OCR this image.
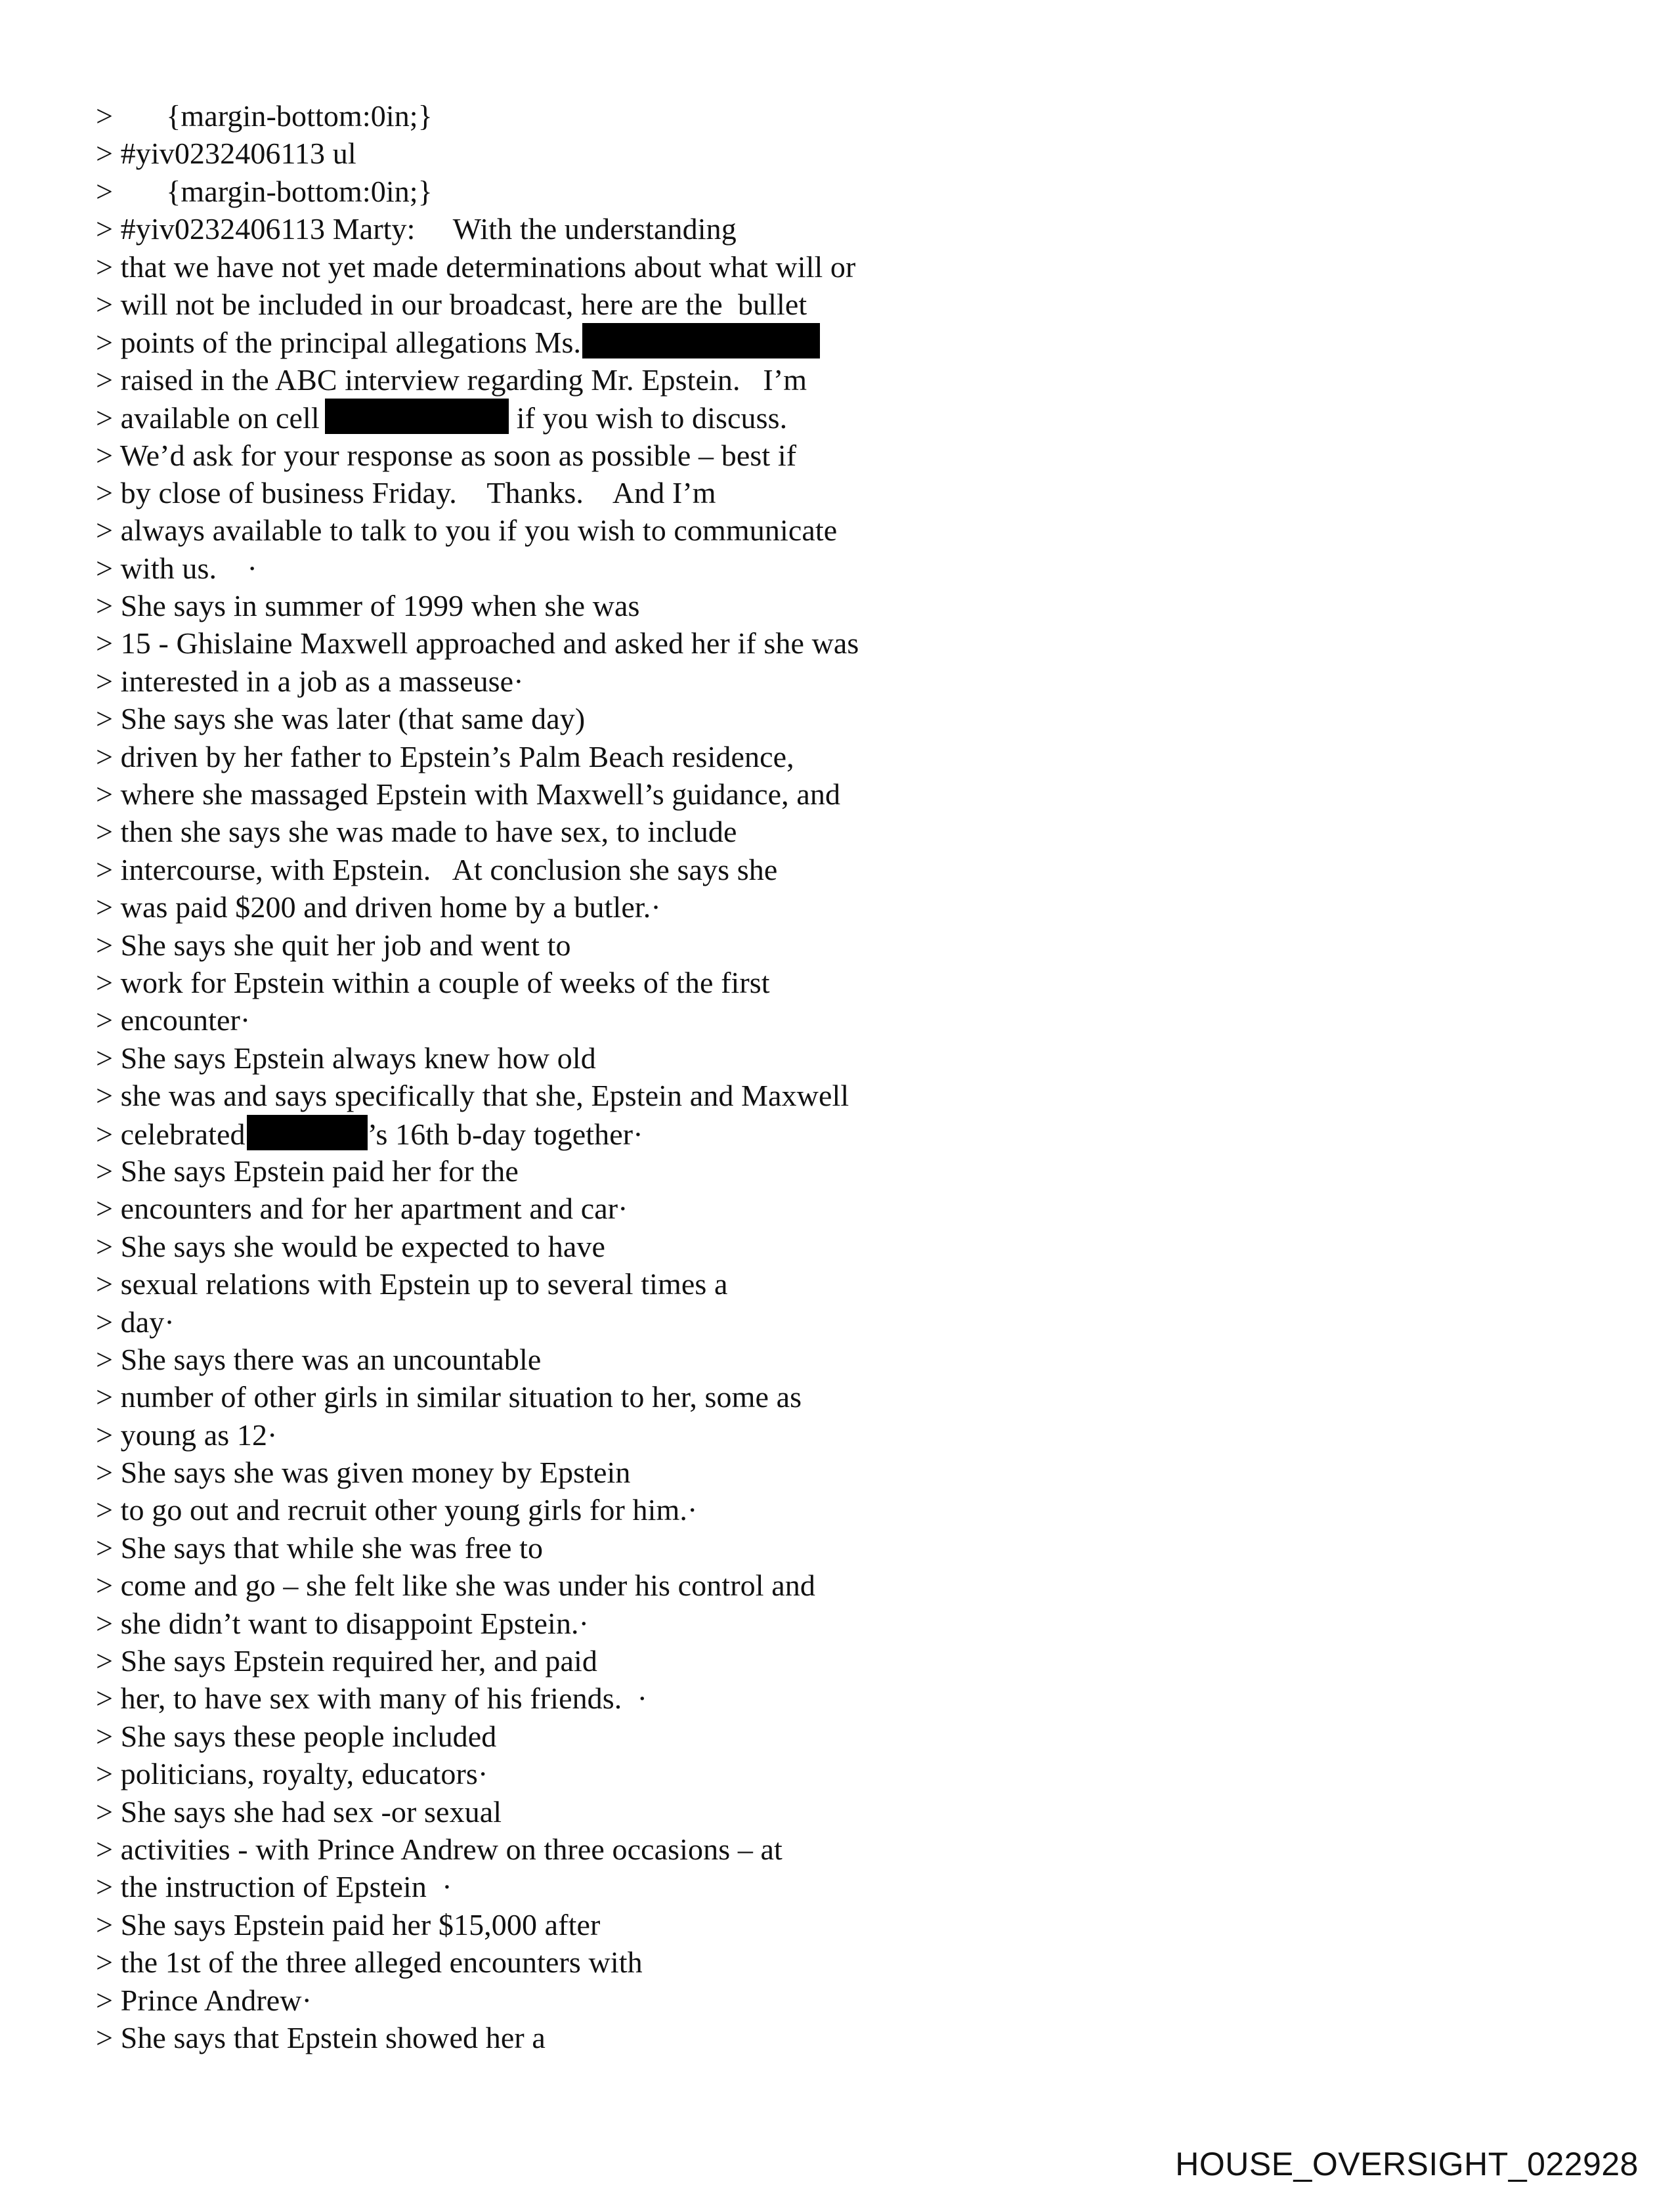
>       {margin-bottom:0in;}
> #yiv0232406113 ul
>       {margin-bottom:0in;}
> #yiv0232406113 Marty:     With the understanding
> that we have not yet made determinations about what will or
> will not be included in our broadcast, here are the  bullet
> points of the principal allegations Ms.
> raised in the ABC interview regarding Mr. Epstein.   I’m
> available on cell	if you wish to discuss.
> We’d ask for your response as soon as possible – best if
> by close of business Friday.    Thanks.    And I’m
> always available to talk to you if you wish to communicate
> with us.    ·
> She says in summer of 1999 when she was
> 15 - Ghislaine Maxwell approached and asked her if she was
> interested in a job as a masseuse·
> She says she was later (that same day)
> driven by her father to Epstein’s Palm Beach residence,
> where she massaged Epstein with Maxwell’s guidance, and
> then she says she was made to have sex, to include
> intercourse, with Epstein.   At conclusion she says she
> was paid $200 and driven home by a butler.·
> She says she quit her job and went to
> work for Epstein within a couple of weeks of the first
> encounter·
> She says Epstein always knew how old
> she was and says specifically that she, Epstein and Maxwell
> celebrated	’s 16th b-day together·
> She says Epstein paid her for the
> encounters and for her apartment and car·
> She says she would be expected to have
> sexual relations with Epstein up to several times a
> day·
> She says there was an uncountable
> number of other girls in similar situation to her, some as
> young as 12·
> She says she was given money by Epstein
> to go out and recruit other young girls for him.·
> She says that while she was free to
> come and go – she felt like she was under his control and
> she didn’t want to disappoint Epstein.·
> She says Epstein required her, and paid
> her, to have sex with many of his friends.  ·
> She says these people included
> politicians, royalty, educators·
> She says she had sex -or sexual
> activities - with Prince Andrew on three occasions – at
> the instruction of Epstein  ·
> She says Epstein paid her $15,000 after
> the 1st of the three alleged encounters with
> Prince Andrew·
> She says that Epstein showed her a
HOUSE_OVERSIGHT_022928
